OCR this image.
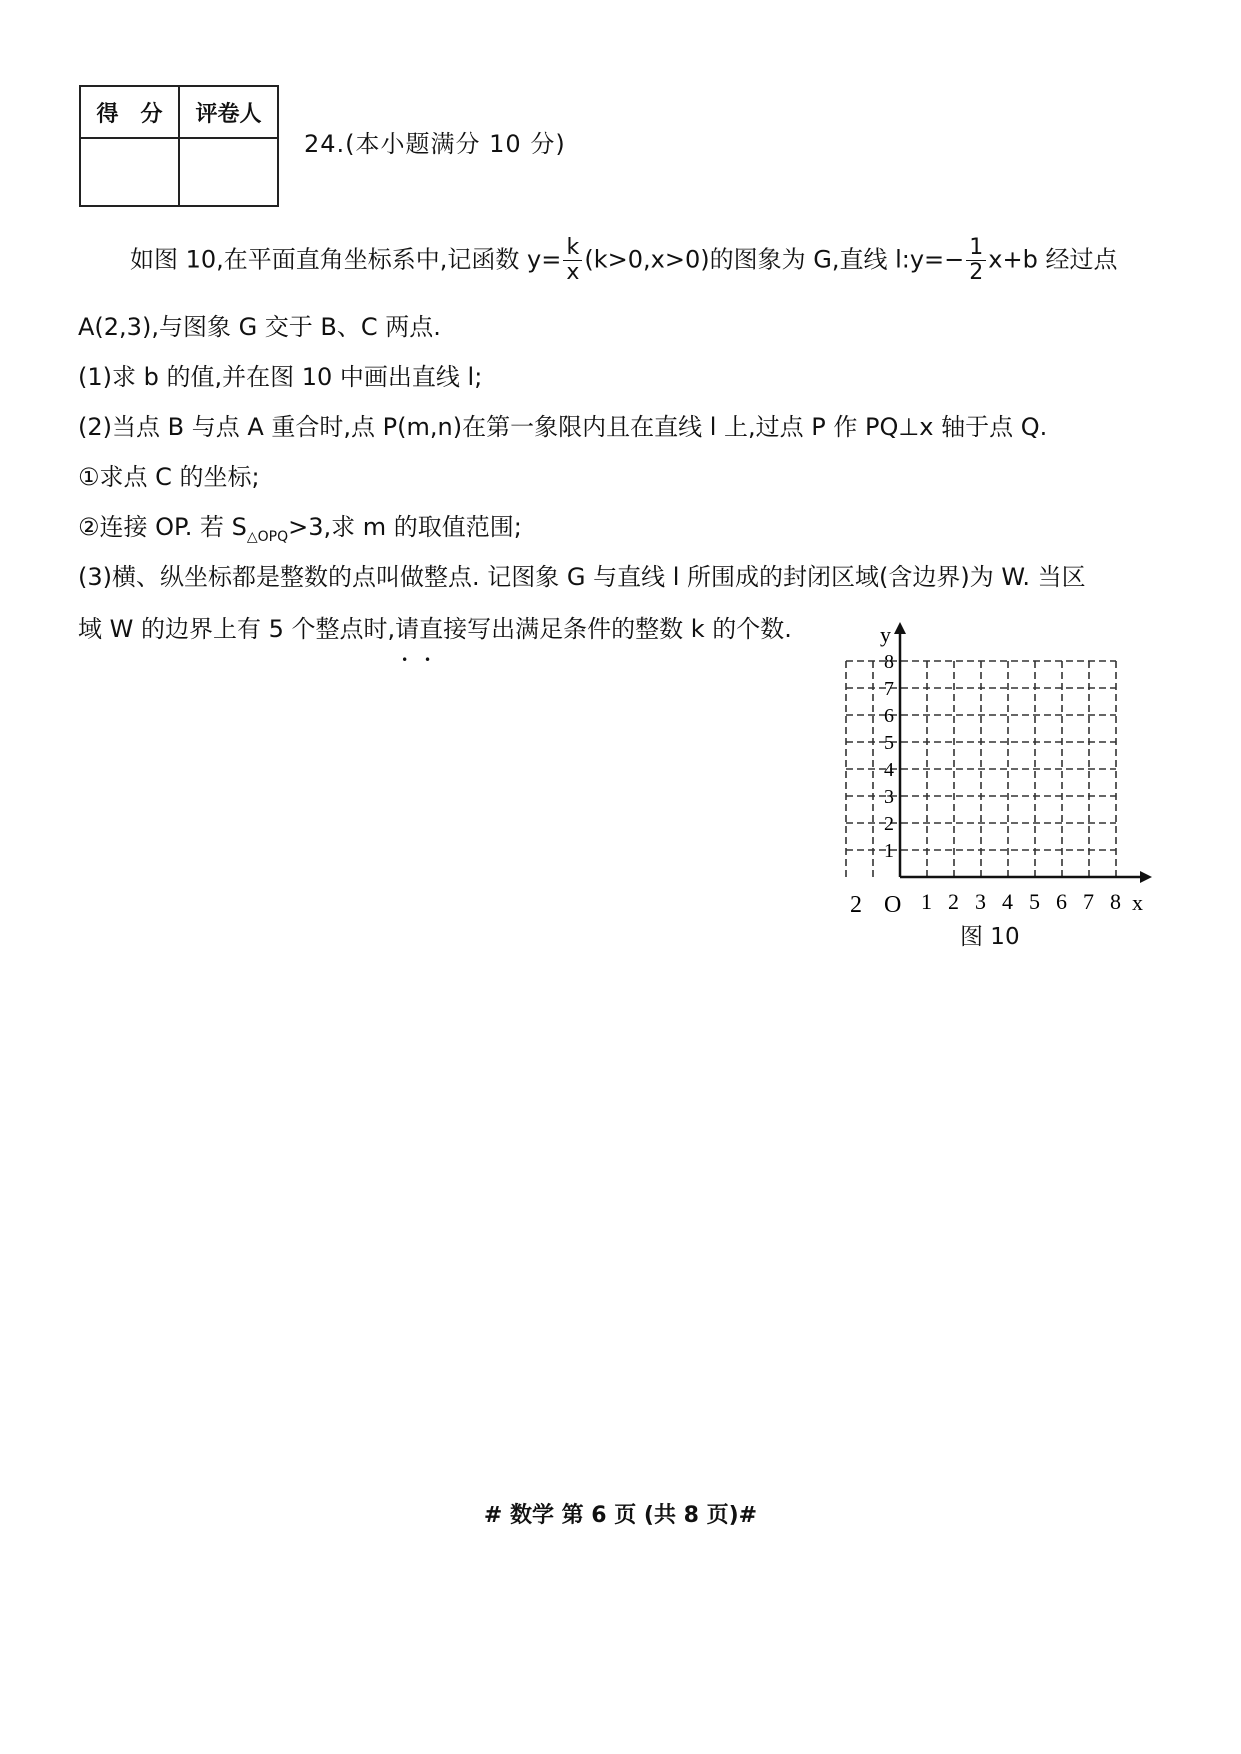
得　分	评卷人

24.(本小题满分 10 分)
如图 10,在平面直角坐标系中,记函数 $y= \frac{k}{x} (k>0,x>0)$的图象为 G,直线 l:y=− $\frac{1}{2} x+b$ 经过点
A(2,3),与图象 G 交于 B、C 两点.
(1)求 b 的值,并在图 10 中画出直线 l;
(2)当点 B 与点 A 重合时,点 P(m,n)在第一象限内且在直线 l 上,过点 P 作 PQ⊥x 轴于点 Q.
①求点 C 的坐标;
②连接 OP. 若 $S_{\triangle OPQ}>3$,求 m 的取值范围;
(3)横、纵坐标都是整数的点叫做整点. 记图象 G 与直线 l 所围成的封闭区域(含边界)为 W. 当区
域 W 的边界上有 5 个整点时,请直 • •接写出满足条件的整数 k 的个数.	y
x
O
2	1 2 3 4 5 6 7 8
1
2
3
4
5
6
7
8
图 10
# 数学 第 6 页 (共 8 页)#
